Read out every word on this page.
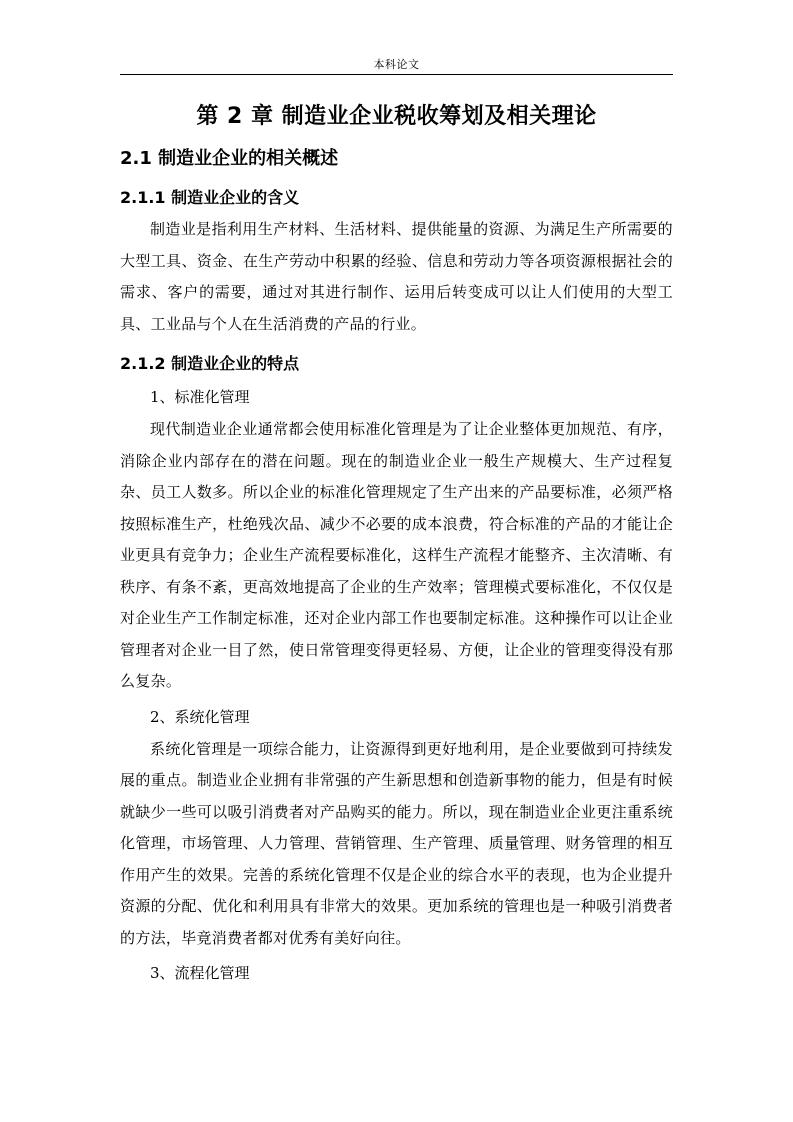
本科论文
第 2 章 制造业企业税收筹划及相关理论
2.1 制造业企业的相关概述
2.1.1 制造业企业的含义

制造业是指利用生产材料、生活材料、提供能量的资源、为满足生产所需要的大型工具、资金、在生产劳动中积累的经验、信息和劳动力等各项资源根据社会的需求、客户的需要，通过对其进行制作、运用后转变成可以让人们使用的大型工具、工业品与个人在生活消费的产品的行业。

2.1.2 制造业企业的特点

1、标准化管理

现代制造业企业通常都会使用标准化管理是为了让企业整体更加规范、有序，消除企业内部存在的潜在问题。现在的制造业企业一般生产规模大、生产过程复杂、员工人数多。所以企业的标准化管理规定了生产出来的产品要标准，必须严格按照标准生产，杜绝残次品、减少不必要的成本浪费，符合标准的产品的才能让企业更具有竞争力；企业生产流程要标准化，这样生产流程才能整齐、主次清晰、有秩序、有条不紊，更高效地提高了企业的生产效率；管理模式要标准化，不仅仅是对企业生产工作制定标准，还对企业内部工作也要制定标准。这种操作可以让企业管理者对企业一目了然，使日常管理变得更轻易、方便，让企业的管理变得没有那么复杂。

2、系统化管理

系统化管理是一项综合能力，让资源得到更好地利用，是企业要做到可持续发展的重点。制造业企业拥有非常强的产生新思想和创造新事物的能力，但是有时候就缺少一些可以吸引消费者对产品购买的能力。所以，现在制造业企业更注重系统化管理，市场管理、人力管理、营销管理、生产管理、质量管理、财务管理的相互作用产生的效果。完善的系统化管理不仅是企业的综合水平的表现，也为企业提升资源的分配、优化和利用具有非常大的效果。更加系统的管理也是一种吸引消费者的方法，毕竟消费者都对优秀有美好向往。

3、流程化管理
